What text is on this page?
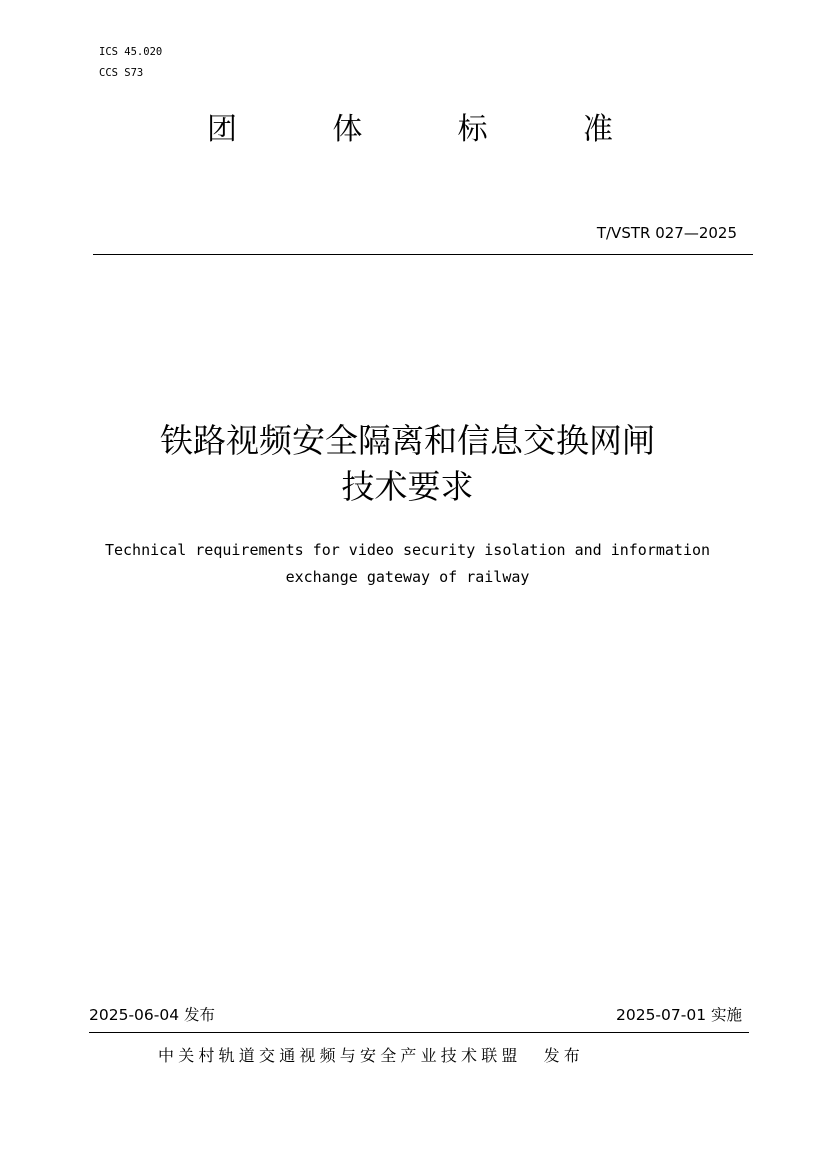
ICS 45.020
CCS S73
团	体	标	准
T/VSTR 027—2025
铁路视频安全隔离和信息交换网闸
技术要求
Technical requirements for video security isolation and information
exchange gateway of railway
2025-06-04 发布	2025-07-01 实施
中关村轨道交通视频与安全产业技术联盟 发布
